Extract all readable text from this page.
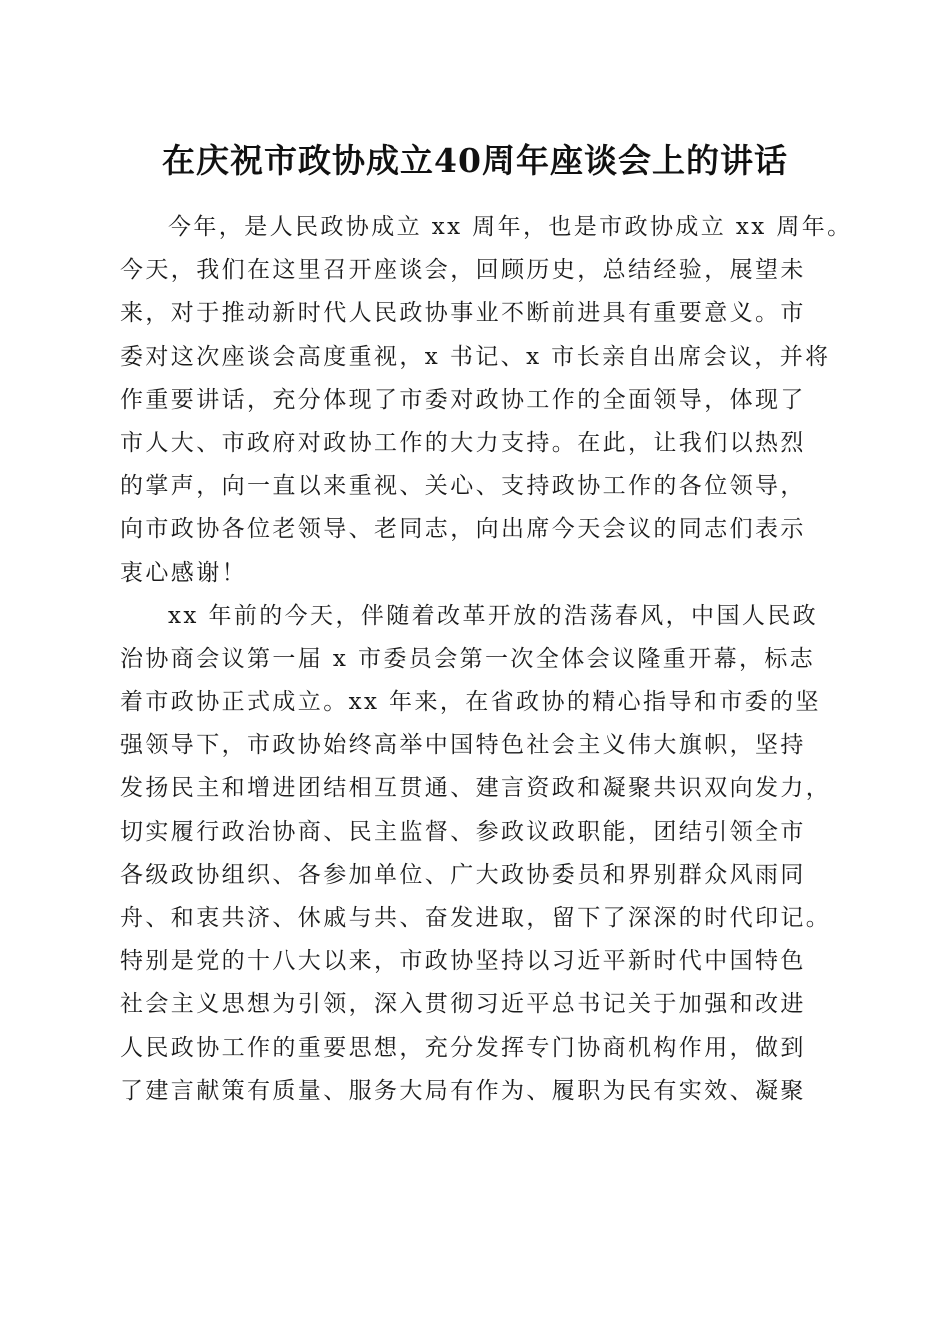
在庆祝市政协成立40周年座谈会上的讲话
今年，是人民政协成立 xx 周年，也是市政协成立 xx 周年。
今天，我们在这里召开座谈会，回顾历史，总结经验，展望未
来，对于推动新时代人民政协事业不断前进具有重要意义。市
委对这次座谈会高度重视，x 书记、x 市长亲自出席会议，并将
作重要讲话，充分体现了市委对政协工作的全面领导，体现了
市人大、市政府对政协工作的大力支持。在此，让我们以热烈
的掌声，向一直以来重视、关心、支持政协工作的各位领导，
向市政协各位老领导、老同志，向出席今天会议的同志们表示
衷心感谢！
xx 年前的今天，伴随着改革开放的浩荡春风，中国人民政
治协商会议第一届 x 市委员会第一次全体会议隆重开幕，标志
着市政协正式成立。xx 年来，在省政协的精心指导和市委的坚
强领导下，市政协始终高举中国特色社会主义伟大旗帜，坚持
发扬民主和增进团结相互贯通、建言资政和凝聚共识双向发力，
切实履行政治协商、民主监督、参政议政职能，团结引领全市
各级政协组织、各参加单位、广大政协委员和界别群众风雨同
舟、和衷共济、休戚与共、奋发进取，留下了深深的时代印记。
特别是党的十八大以来，市政协坚持以习近平新时代中国特色
社会主义思想为引领，深入贯彻习近平总书记关于加强和改进
人民政协工作的重要思想，充分发挥专门协商机构作用，做到
了建言献策有质量、服务大局有作为、履职为民有实效、凝聚
